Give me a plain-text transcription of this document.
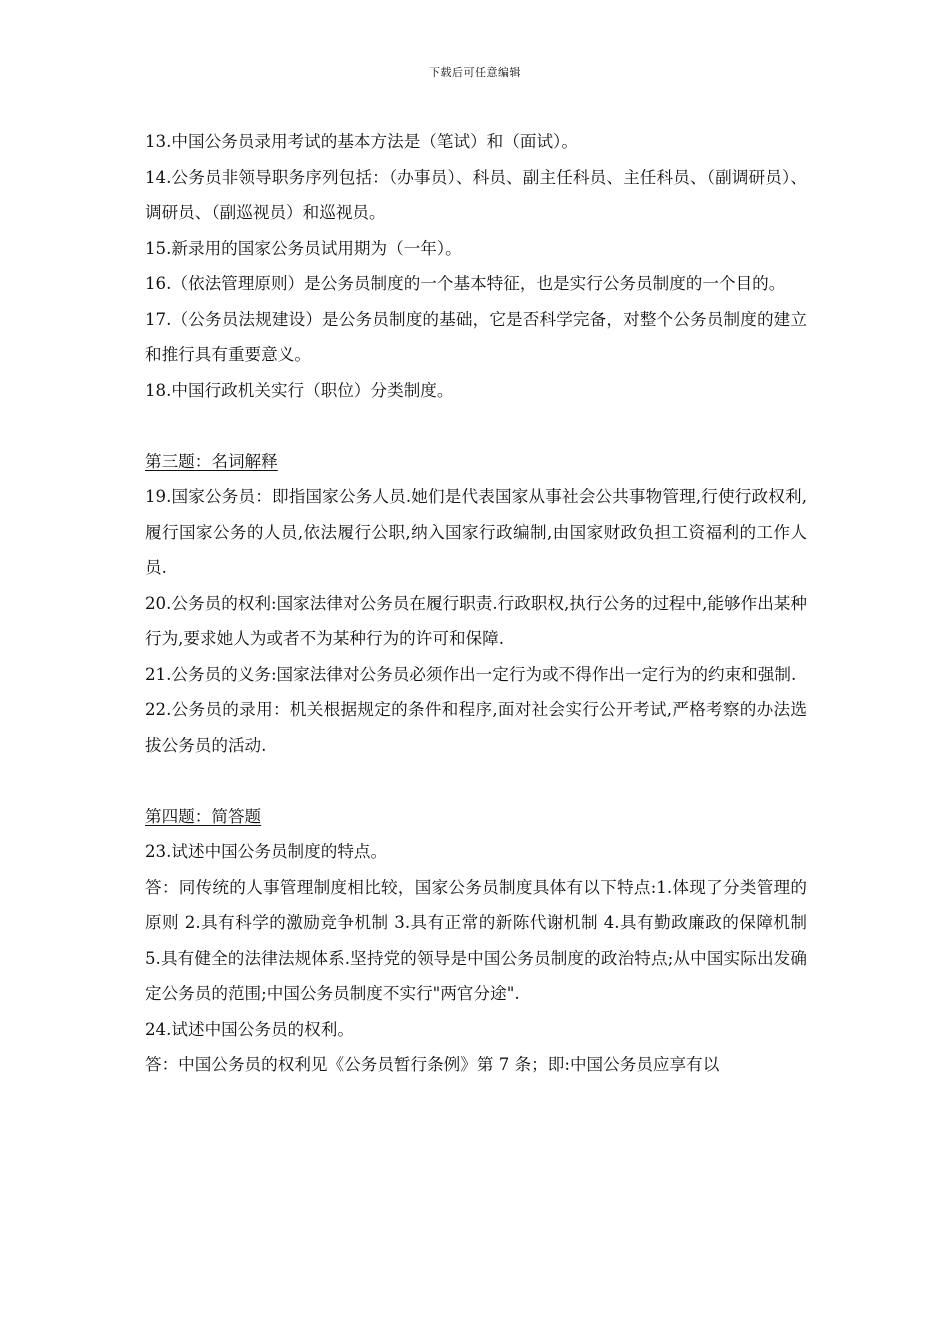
下载后可任意编辑

13.中国公务员录用考试的基本方法是（笔试）和（面试）。

14.公务员非领导职务序列包括：（办事员）、科员、副主任科员、主任科员、（副调研员）、调研员、（副巡视员）和巡视员。

15.新录用的国家公务员试用期为（一年）。

16.（依法管理原则）是公务员制度的一个基本特征，也是实行公务员制度的一个目的。

17.（公务员法规建设）是公务员制度的基础，它是否科学完备，对整个公务员制度的建立和推行具有重要意义。

18.中国行政机关实行（职位）分类制度。

第三题：名词解释

19.国家公务员：即指国家公务人员.她们是代表国家从事社会公共事物管理,行使行政权利,履行国家公务的人员,依法履行公职,纳入国家行政编制,由国家财政负担工资福利的工作人员.

20.公务员的权利:国家法律对公务员在履行职责.行政职权,执行公务的过程中,能够作出某种行为,要求她人为或者不为某种行为的许可和保障.

21.公务员的义务:国家法律对公务员必须作出一定行为或不得作出一定行为的约束和强制.

22.公务员的录用：机关根据规定的条件和程序,面对社会实行公开考试,严格考察的办法选拔公务员的活动.

第四题：简答题

23.试述中国公务员制度的特点。

答：同传统的人事管理制度相比较，国家公务员制度具体有以下特点:1.体现了分类管理的原则 2.具有科学的激励竞争机制 3.具有正常的新陈代谢机制 4.具有勤政廉政的保障机制 5.具有健全的法律法规体系.坚持党的领导是中国公务员制度的政治特点;从中国实际出发确定公务员的范围;中国公务员制度不实行"两官分途".

24.试述中国公务员的权利。

答：中国公务员的权利见《公务员暂行条例》第 7 条；即:中国公务员应享有以
